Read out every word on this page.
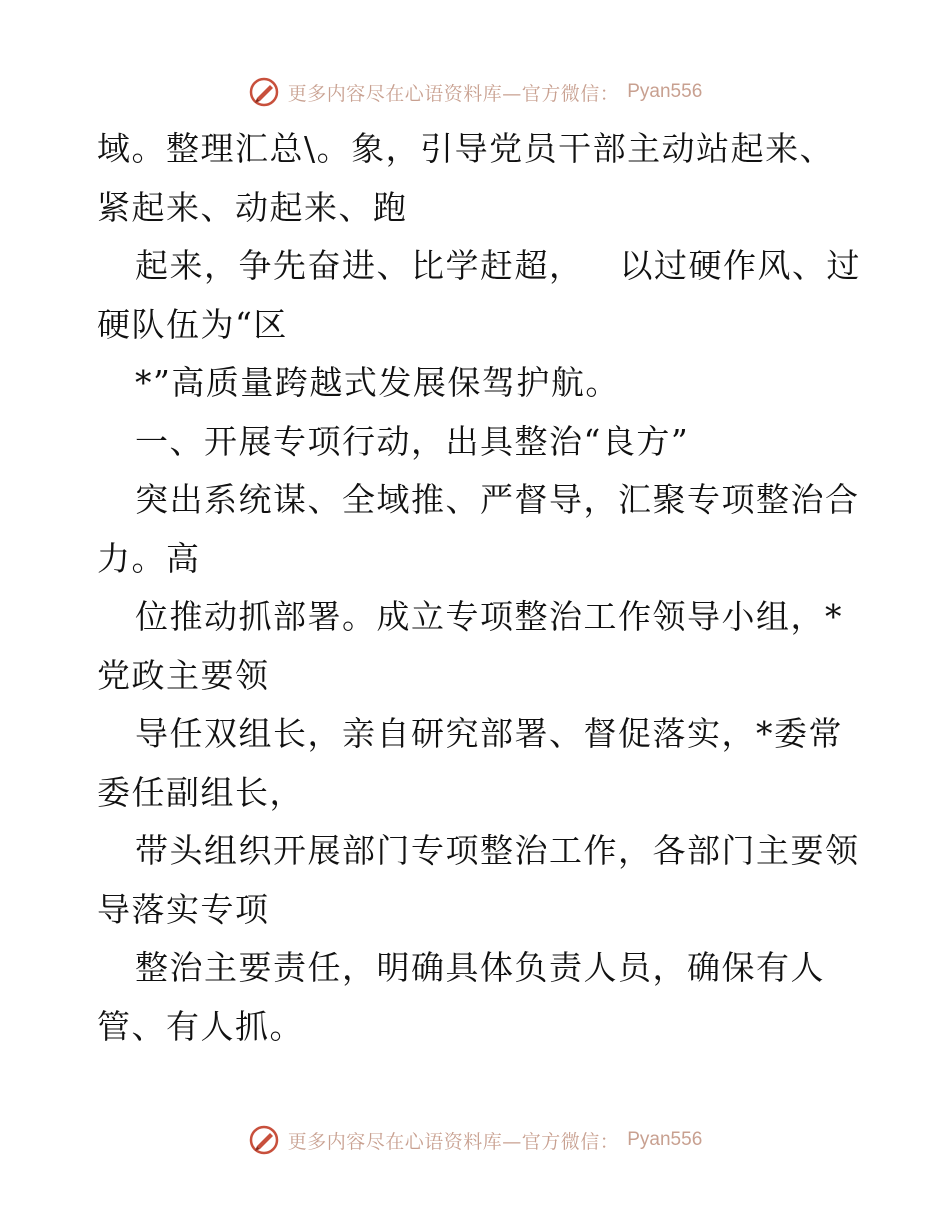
更多内容尽在心语资料库—官方微信： Pyan556
域。整理汇总\。象，引导党员干部主动站起来、
紧起来、动起来、跑
起来，争先奋进、比学赶超，   以过硬作风、过
硬队伍为“区
*”高质量跨越式发展保驾护航。
一、开展专项行动，出具整治“良方”
突出系统谋、全域推、严督导，汇聚专项整治合
力。高
位推动抓部署。成立专项整治工作领导小组，*
党政主要领
导任双组长，亲自研究部署、督促落实，*委常
委任副组长，
带头组织开展部门专项整治工作，各部门主要领
导落实专项
整治主要责任，明确具体负责人员，确保有人
管、有人抓。
更多内容尽在心语资料库—官方微信： Pyan556
